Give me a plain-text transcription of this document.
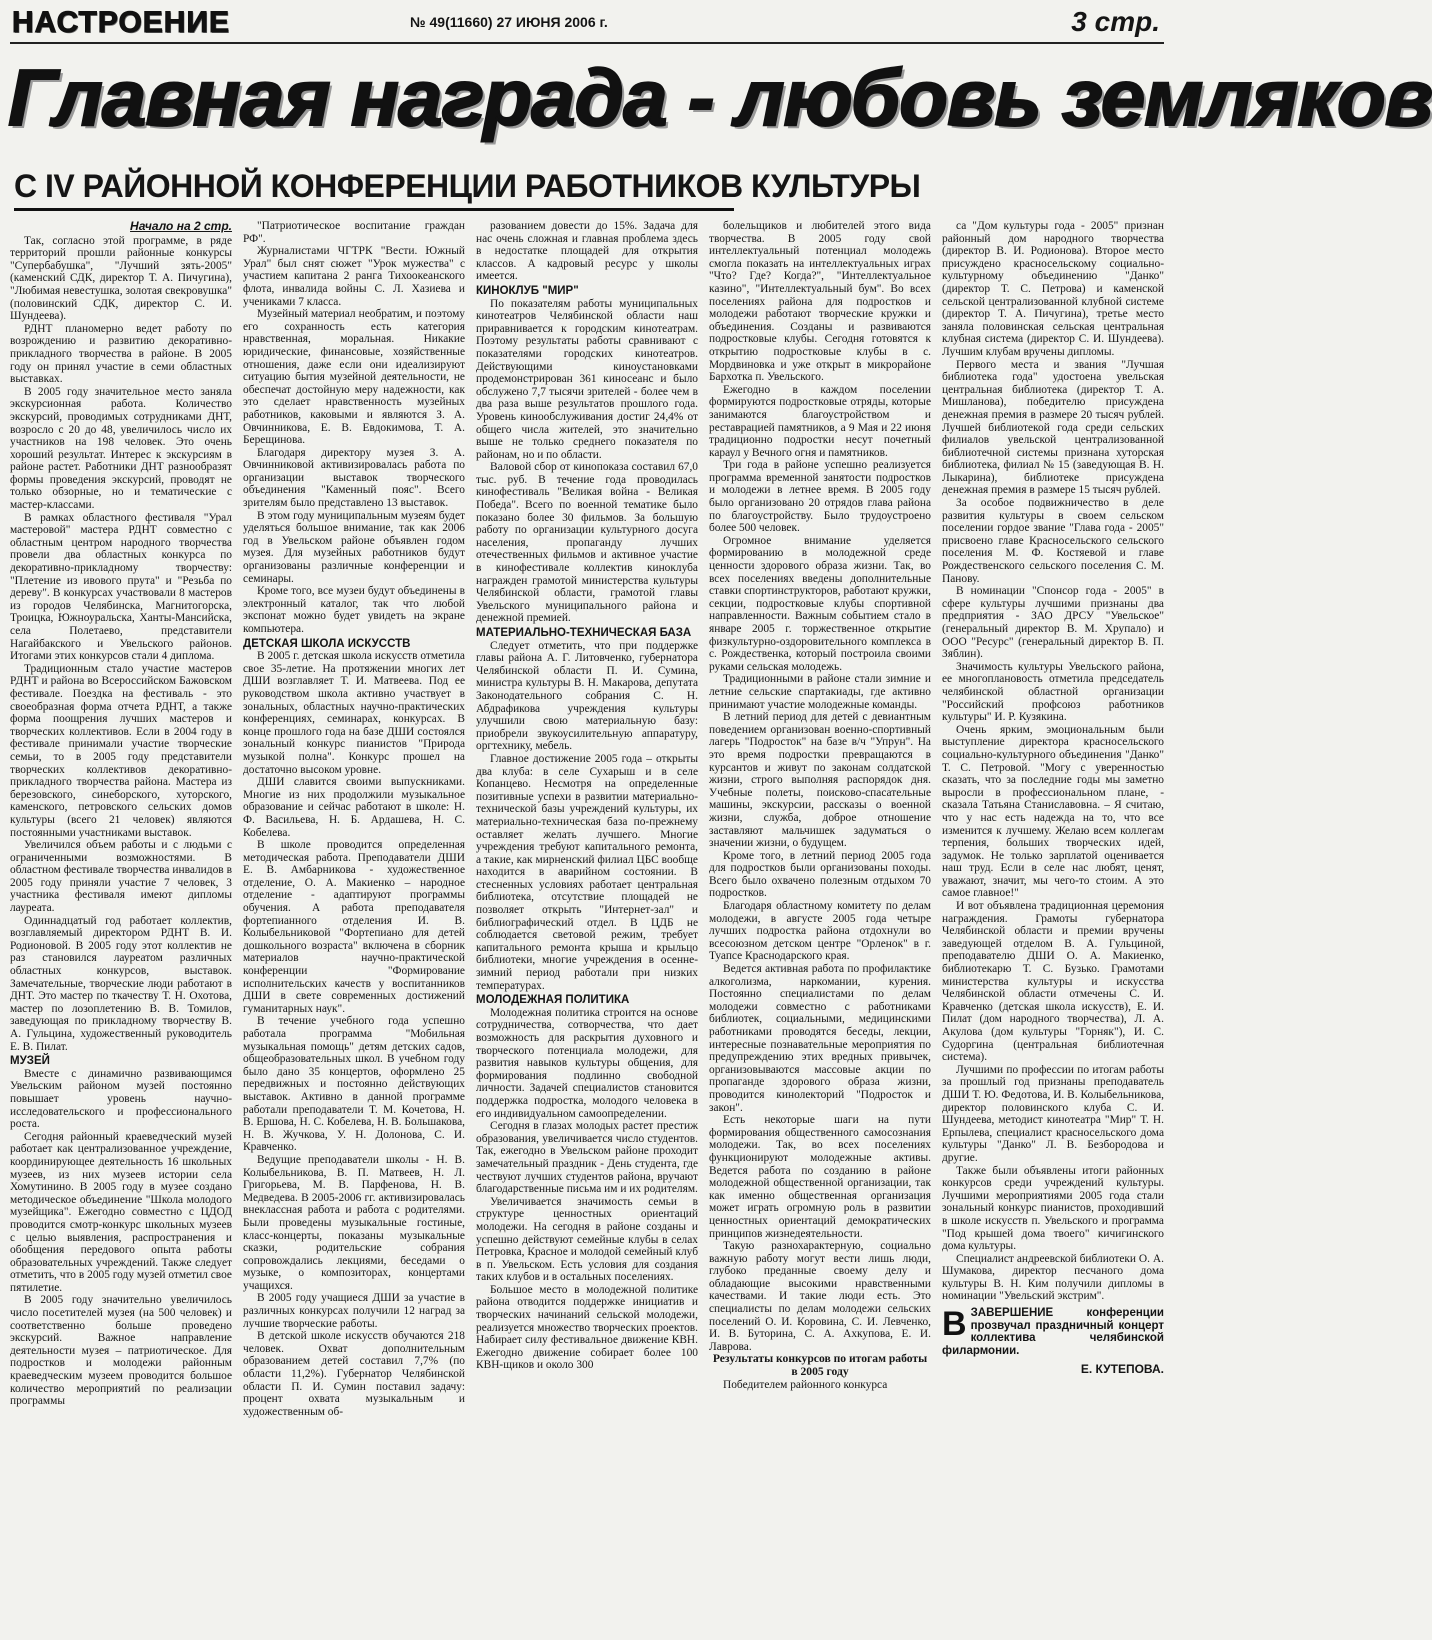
НАСТРОЕНИЕ	№ 49(11660) 27 ИЮНЯ 2006 г.	3 стр.
Главная награда - любовь земляков
С IV РАЙОННОЙ КОНФЕРЕНЦИИ РАБОТНИКОВ КУЛЬТУРЫ
Начало на 2 стр.

Так, согласно этой программе, в ряде территорий прошли районные конкурсы "Супербабушка", "Лучший зять-2005" (каменский СДК, директор Т. А. Пичугина), "Любимая невестушка, золотая свекровушка" (половинский СДК, директор С. И. Шундеева).

РДНТ планомерно ведет работу по возрождению и развитию декоративно-прикладного творчества в районе. В 2005 году он принял участие в семи областных выставках.

В 2005 году значительное место заняла экскурсионная работа. Количество экскурсий, проводимых сотрудниками ДНТ, возросло с 20 до 48, увеличилось число их участников на 198 человек. Это очень хороший результат. Интерес к экскурсиям в районе растет. Работники ДНТ разнообразят формы проведения экскурсий, проводят не только обзорные, но и тематические с мастер-классами.

В рамках областного фестиваля "Урал мастеровой" мастера РДНТ совместно с областным центром народного творчества провели два областных конкурса по декоративно-прикладному творчеству: "Плетение из ивового прута" и "Резьба по дереву". В конкурсах участвовали 8 мастеров из городов Челябинска, Магнитогорска, Троицка, Южноуральска, Ханты-Мансийска, села Полетаево, представители Нагайбакского и Увельского районов. Итогами этих конкурсов стали 4 диплома.

Традиционным стало участие мастеров РДНТ и района во Всероссийском Бажовском фестивале. Поездка на фестиваль - это своеобразная форма отчета РДНТ, а также форма поощрения лучших мастеров и творческих коллективов. Если в 2004 году в фестивале принимали участие творческие семьи, то в 2005 году представители творческих коллективов декоративно-прикладного творчества района. Мастера из березовского, синеборского, хуторского, каменского, петровского сельских домов культуры (всего 21 человек) являются постоянными участниками выставок.

Увеличился объем работы и с людьми с ограниченными возможностями. В областном фестивале творчества инвалидов в 2005 году приняли участие 7 человек, 3 участника фестиваля имеют дипломы лауреата.

Одиннадцатый год работает коллектив, возглавляемый директором РДНТ В. И. Родионовой. В 2005 году этот коллектив не раз становился лауреатом различных областных конкурсов, выставок. Замечательные, творческие люди работают в ДНТ. Это мастер по ткачеству Т. Н. Охотова, мастер по лозоплетению В. В. Томилов, заведующая по прикладному творчеству В. А. Гульцина, художественный руководитель Е. В. Пилат.

МУЗЕЙ

Вместе с динамично развивающимся Увельским районом музей постоянно повышает уровень научно-исследовательского и профессионального роста.

Сегодня районный краеведческий музей работает как централизованное учреждение, координирующее деятельность 16 школьных музеев, из них музеев истории села Хомутинино. В 2005 году в музее создано методическое объединение "Школа молодого музейщика". Ежегодно совместно с ЦДОД проводится смотр-конкурс школьных музеев с целью выявления, распространения и обобщения передового опыта работы образовательных учреждений. Также следует отметить, что в 2005 году музей отметил свое пятилетие.

В 2005 году значительно увеличилось число посетителей музея (на 500 человек) и соответственно больше проведено экскурсий. Важное направление деятельности музея – патриотическое. Для подростков и молодежи районным краеведческим музеем проводится большое количество мероприятий по реализации программы

"Патриотическое воспитание граждан РФ".

Журналистами ЧГТРК "Вести. Южный Урал" был снят сюжет "Урок мужества" с участием капитана 2 ранга Тихоокеанского флота, инвалида войны С. Л. Хазиева и учениками 7 класса.

Музейный материал необратим, и поэтому его сохранность есть категория нравственная, моральная. Никакие юридические, финансовые, хозяйственные отношения, даже если они идеализируют ситуацию бытия музейной деятельности, не обеспечат достойную меру надежности, как это сделает нравственность музейных работников, каковыми и являются З. А. Овчинникова, Е. В. Евдокимова, Т. А. Берещинова.

Благодаря директору музея З. А. Овчинниковой активизировалась работа по организации выставок творческого объединения "Каменный пояс". Всего зрителям было представлено 13 выставок.

В этом году муниципальным музеям будет уделяться большое внимание, так как 2006 год в Увельском районе объявлен годом музея. Для музейных работников будут организованы различные конференции и семинары.

Кроме того, все музеи будут объединены в электронный каталог, так что любой экспонат можно будет увидеть на экране компьютера.

ДЕТСКАЯ ШКОЛА ИСКУССТВ

В 2005 г. детская школа искусств отметила свое 35-летие. На протяжении многих лет ДШИ возглавляет Т. И. Матвеева. Под ее руководством школа активно участвует в зональных, областных научно-практических конференциях, семинарах, конкурсах. В конце прошлого года на базе ДШИ состоялся зональный конкурс пианистов "Природа музыкой полна". Конкурс прошел на достаточно высоком уровне.

ДШИ славится своими выпускниками. Многие из них продолжили музыкальное образование и сейчас работают в школе: Н. Ф. Васильева, Н. Б. Ардашева, Н. С. Кобелева.

В школе проводится определенная методическая работа. Преподаватели ДШИ Е. В. Амбарникова - художественное отделение, О. А. Макиенко – народное отделение - адаптируют программы обучения. А работа преподавателя фортепианного отделения И. В. Колыбельниковой "Фортепиано для детей дошкольного возраста" включена в сборник материалов научно-практической конференции "Формирование исполнительских качеств у воспитанников ДШИ в свете современных достижений гуманитарных наук".

В течение учебного года успешно работала программа "Мобильная музыкальная помощь" детям детских садов, общеобразовательных школ. В учебном году было дано 35 концертов, оформлено 25 передвижных и постоянно действующих выставок. Активно в данной программе работали преподаватели Т. М. Кочетова, Н. В. Ершова, Н. С. Кобелева, Н. В. Большакова, Н. В. Жучкова, У. Н. Долонова, С. И. Кравченко.

Ведущие преподаватели школы - Н. В. Колыбельникова, В. П. Матвеев, Н. Л. Григорьева, М. В. Парфенова, Н. В. Медведева. В 2005-2006 гг. активизировалась внеклассная работа и работа с родителями. Были проведены музыкальные гостиные, класс-концерты, показаны музыкальные сказки, родительские собрания сопровождались лекциями, беседами о музыке, о композиторах, концертами учащихся.

В 2005 году учащиеся ДШИ за участие в различных конкурсах получили 12 наград за лучшие творческие работы.

В детской школе искусств обучаются 218 человек. Охват дополнительным образованием детей составил 7,7% (по области 11,2%). Губернатор Челябинской области П. И. Сумин поставил задачу: процент охвата музыкальным и художественным об-

разованием довести до 15%. Задача для нас очень сложная и главная проблема здесь в недостатке площадей для открытия классов. А кадровый ресурс у школы имеется.

КИНОКЛУБ "МИР"

По показателям работы муниципальных кинотеатров Челябинской области наш приравнивается к городским кинотеатрам. Поэтому результаты работы сравнивают с показателями городских кинотеатров. Действующими киноустановками продемонстрирован 361 киносеанс и было обслужено 7,7 тысячи зрителей - более чем в два раза выше результатов прошлого года. Уровень кинообслуживания достиг 24,4% от общего числа жителей, это значительно выше не только среднего показателя по районам, но и по области.

Валовой сбор от кинопоказа составил 67,0 тыс. руб. В течение года проводилась кинофестиваль "Великая война - Великая Победа". Всего по военной тематике было показано более 30 фильмов. За большую работу по организации культурного досуга населения, пропаганду лучших отечественных фильмов и активное участие в кинофестивале коллектив киноклуба награжден грамотой министерства культуры Челябинской области, грамотой главы Увельского муниципального района и денежной премией.

МАТЕРИАЛЬНО-ТЕХНИЧЕСКАЯ БАЗА

Следует отметить, что при поддержке главы района А. Г. Литовченко, губернатора Челябинской области П. И. Сумина, министра культуры В. Н. Макарова, депутата Законодательного собрания С. Н. Абдрафикова учреждения культуры улучшили свою материальную базу: приобрели звукоусилительную аппаратуру, оргтехнику, мебель.

Главное достижение 2005 года – открыты два клуба: в селе Сухарыш и в селе Копанцево. Несмотря на определенные позитивные успехи в развитии материально-технической базы учреждений культуры, их материально-техническая база по-прежнему оставляет желать лучшего. Многие учреждения требуют капитального ремонта, а такие, как мирненский филиал ЦБС вообще находится в аварийном состоянии. В стесненных условиях работает центральная библиотека, отсутствие площадей не позволяет открыть "Интернет-зал" и библиографический отдел. В ЦДБ не соблюдается световой режим, требует капитального ремонта крыша и крыльцо библиотеки, многие учреждения в осенне-зимний период работали при низких температурах.

МОЛОДЕЖНАЯ ПОЛИТИКА

Молодежная политика строится на основе сотрудничества, сотворчества, что дает возможность для раскрытия духовного и творческого потенциала молодежи, для развития навыков культуры общения, для формирования подлинно свободной личности. Задачей специалистов становится поддержка подростка, молодого человека в его индивидуальном самоопределении.

Сегодня в глазах молодых растет престиж образования, увеличивается число студентов. Так, ежегодно в Увельском районе проходит замечательный праздник - День студента, где чествуют лучших студентов района, вручают благодарственные письма им и их родителям.

Увеличивается значимость семьи в структуре ценностных ориентаций молодежи. На сегодня в районе созданы и успешно действуют семейные клубы в селах Петровка, Красное и молодой семейный клуб в п. Увельском. Есть условия для создания таких клубов и в остальных поселениях.

Большое место в молодежной политике района отводится поддержке инициатив и творческих начинаний сельской молодежи, реализуется множество творческих проектов. Набирает силу фестивальное движение КВН. Ежегодно движение собирает более 100 КВН-щиков и около 300

болельщиков и любителей этого вида творчества. В 2005 году свой интеллектуальный потенциал молодежь смогла показать на интеллектуальных играх "Что? Где? Когда?", "Интеллектуальное казино", "Интеллектуальный бум". Во всех поселениях района для подростков и молодежи работают творческие кружки и объединения. Созданы и развиваются подростковые клубы. Сегодня готовятся к открытию подростковые клубы в с. Мордвиновка и уже открыт в микрорайоне Бархотка п. Увельского.

Ежегодно в каждом поселении формируются подростковые отряды, которые занимаются благоустройством и реставрацией памятников, а 9 Мая и 22 июня традиционно подростки несут почетный караул у Вечного огня и памятников.

Три года в районе успешно реализуется программа временной занятости подростков и молодежи в летнее время. В 2005 году было организовано 20 отрядов глава района по благоустройству. Было трудоустроено более 500 человек.

Огромное внимание уделяется формированию в молодежной среде ценности здорового образа жизни. Так, во всех поселениях введены дополнительные ставки спортинструкторов, работают кружки, секции, подростковые клубы спортивной направленности. Важным событием стало в январе 2005 г. торжественное открытие физкультурно-оздоровительного комплекса в с. Рождественка, который построила своими руками сельская молодежь.

Традиционными в районе стали зимние и летние сельские спартакиады, где активно принимают участие молодежные команды.

В летний период для детей с девиантным поведением организован военно-спортивный лагерь "Подросток" на базе в/ч "Упрун". На это время подростки превращаются в курсантов и живут по законам солдатской жизни, строго выполняя распорядок дня. Учебные полеты, поисково-спасательные машины, экскурсии, рассказы о военной жизни, служба, доброе отношение заставляют мальчишек задуматься о значении жизни, о будущем.

Кроме того, в летний период 2005 года для подростков были организованы походы. Всего было охвачено полезным отдыхом 70 подростков.

Благодаря областному комитету по делам молодежи, в августе 2005 года четыре лучших подростка района отдохнули во всесоюзном детском центре "Орленок" в г. Туапсе Краснодарского края.

Ведется активная работа по профилактике алкоголизма, наркомании, курения. Постоянно специалистами по делам молодежи совместно с работниками библиотек, социальными, медицинскими работниками проводятся беседы, лекции, интересные познавательные мероприятия по предупреждению этих вредных привычек, организовываются массовые акции по пропаганде здорового образа жизни, проводится кинолекторий "Подросток и закон".

Есть некоторые шаги на пути формирования общественного самосознания молодежи. Так, во всех поселениях функционируют молодежные активы. Ведется работа по созданию в районе молодежной общественной организации, так как именно общественная организация может играть огромную роль в развитии ценностных ориентаций демократических принципов жизнедеятельности.

Такую разнохарактерную, социально важную работу могут вести лишь люди, глубоко преданные своему делу и обладающие высокими нравственными качествами. И такие люди есть. Это специалисты по делам молодежи сельских поселений О. И. Коровина, С. И. Левченко, И. В. Буторина, С. А. Ахкупова, Е. И. Лаврова.

Результаты конкурсов по итогам работы в 2005 году

Победителем районного конкурса

са "Дом культуры года - 2005" признан районный дом народного творчества (директор В. И. Родионова). Второе место присуждено красносельскому социально-культурному объединению "Данко" (директор Т. С. Петрова) и каменской сельской централизованной клубной системе (директор Т. А. Пичугина), третье место заняла половинская сельская центральная клубная система (директор С. И. Шундеева). Лучшим клубам вручены дипломы.

Первого места и звания "Лучшая библиотека года" удостоена увельская центральная библиотека (директор Т. А. Мишланова), победителю присуждена денежная премия в размере 20 тысяч рублей. Лучшей библиотекой года среди сельских филиалов увельской централизованной библиотечной системы признана хуторская библиотека, филиал № 15 (заведующая В. Н. Лыкарина), библиотеке присуждена денежная премия в размере 15 тысяч рублей.

За особое подвижничество в деле развития культуры в своем сельском поселении гордое звание "Глава года - 2005" присвоено главе Красносельского сельского поселения М. Ф. Костяевой и главе Рождественского сельского поселения С. М. Панову.

В номинации "Спонсор года - 2005" в сфере культуры лучшими признаны два предприятия - ЗАО ДРСУ "Увельское" (генеральный директор В. М. Хрупало) и ООО "Ресурс" (генеральный директор В. П. Зяблин).

Значимость культуры Увельского района, ее многоплановость отметила председатель челябинской областной организации "Российский профсоюз работников культуры" И. Р. Кузякина.

Очень ярким, эмоциональным были выступление директора красносельского социально-культурного объединения "Данко" Т. С. Петровой. "Могу с уверенностью сказать, что за последние годы мы заметно выросли в профессиональном плане, - сказала Татьяна Станиславовна. – Я считаю, что у нас есть надежда на то, что все изменится к лучшему. Желаю всем коллегам терпения, больших творческих идей, задумок. Не только зарплатой оценивается наш труд. Если в селе нас любят, ценят, уважают, значит, мы чего-то стоим. А это самое главное!"

И вот объявлена традиционная церемония награждения. Грамоты губернатора Челябинской области и премии вручены заведующей отделом В. А. Гульциной, преподавателю ДШИ О. А. Макиенко, библиотекарю Т. С. Бузько. Грамотами министерства культуры и искусства Челябинской области отмечены С. И. Кравченко (детская школа искусств), Е. И. Пилат (дом народного творчества), Л. А. Акулова (дом культуры "Горняк"), И. С. Судоргина (центральная библиотечная система).

Лучшими по профессии по итогам работы за прошлый год признаны преподаватель ДШИ Т. Ю. Федотова, И. В. Колыбельникова, директор половинского клуба С. И. Шундеева, методист кинотеатра "Мир" Т. Н. Ерпылева, специалист красносельского дома культуры "Данко" Л. В. Безбородова и другие.

Также были объявлены итоги районных конкурсов среди учреждений культуры. Лучшими мероприятиями 2005 года стали зональный конкурс пианистов, проходивший в школе искусств п. Увельского и программа "Под крышей дома твоего" кичигинского дома культуры.

Специалист андреевской библиотеки О. А. Шумакова, директор песчаного дома культуры В. Н. Ким получили дипломы в номинации "Увельский экстрим".

В ЗАВЕРШЕНИЕ конференции прозвучал праздничный концерт коллектива челябинской филармонии.

Е. КУТЕПОВА.
